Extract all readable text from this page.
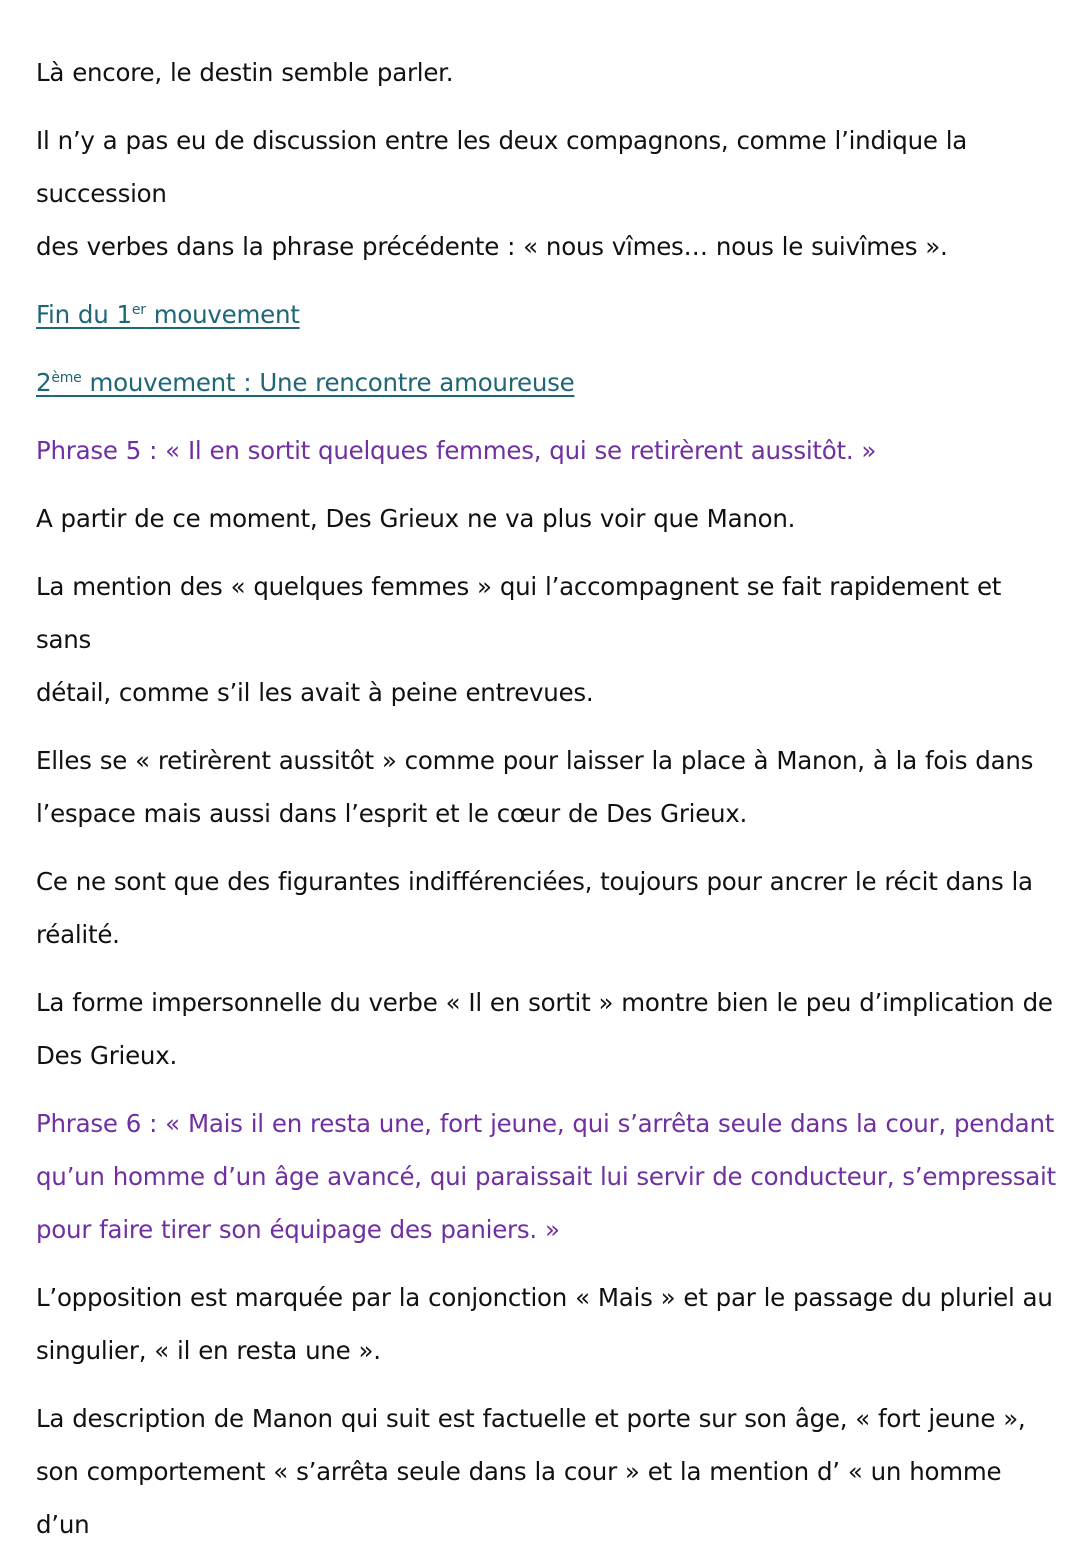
Là encore, le destin semble parler.

Il n’y a pas eu de discussion entre les deux compagnons, comme l’indique la succession
des verbes dans la phrase précédente : « nous vîmes… nous le suivîmes ».

Fin du 1er mouvement

2ème mouvement : Une rencontre amoureuse

Phrase 5 : « Il en sortit quelques femmes, qui se retirèrent aussitôt. »

A partir de ce moment, Des Grieux ne va plus voir que Manon.

La mention des « quelques femmes » qui l’accompagnent se fait rapidement et sans
détail, comme s’il les avait à peine entrevues.

Elles se « retirèrent aussitôt » comme pour laisser la place à Manon, à la fois dans
l’espace mais aussi dans l’esprit et le cœur de Des Grieux.

Ce ne sont que des figurantes indifférenciées, toujours pour ancrer le récit dans la
réalité.

La forme impersonnelle du verbe « Il en sortit » montre bien le peu d’implication de
Des Grieux.

Phrase 6 : « Mais il en resta une, fort jeune, qui s’arrêta seule dans la cour, pendant
qu’un homme d’un âge avancé, qui paraissait lui servir de conducteur, s’empressait
pour faire tirer son équipage des paniers. »

L’opposition est marquée par la conjonction « Mais » et par le passage du pluriel au
singulier, « il en resta une ».

La description de Manon qui suit est factuelle et porte sur son âge, « fort jeune »,
son comportement « s’arrêta seule dans la cour » et la mention d’ « un homme d’un
